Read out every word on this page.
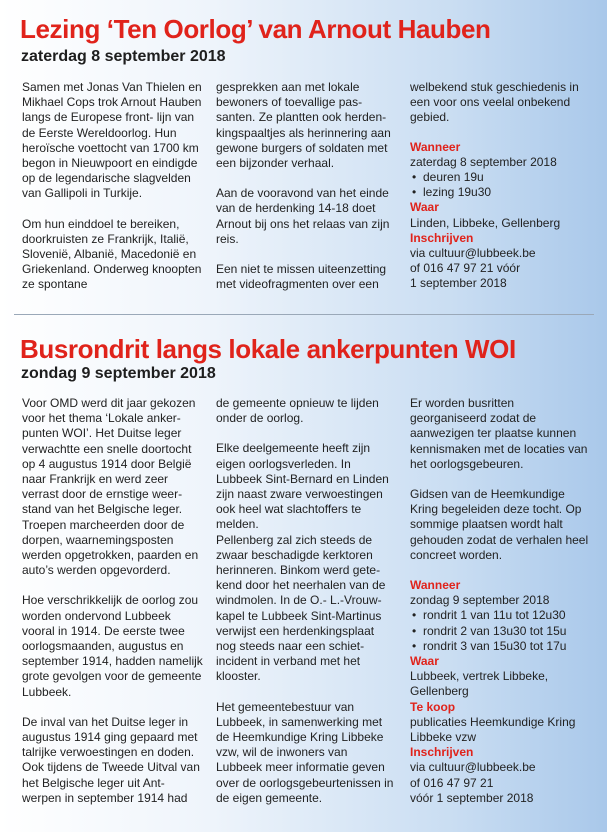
Lezing ‘Ten Oorlog’ van Arnout Hauben
zaterdag 8 september 2018

Samen met Jonas Van Thielen en Mikhael Cops trok Arnout Hauben langs de Europese front- lijn van de Eerste Wereldoorlog. Hun heroïsche voettocht van 1700 km begon in Nieuwpoort en eindigde op de legendarische slagvelden van Gallipoli in Turkije.

Om hun einddoel te bereiken, doorkruisten ze Frankrijk, Italië, Slovenië, Albanië, Macedonië en Griekenland. Onderweg knoopten ze spontane

gesprekken aan met lokale bewoners of toevallige pas- santen. Ze plantten ook herden- kingspaaltjes als herinnering aan gewone burgers of soldaten met een bijzonder verhaal.

Aan de vooravond van het einde van de herdenking 14-18 doet Arnout bij ons het relaas van zijn reis.

Een niet te missen uiteenzetting met videofragmenten over een

welbekend stuk geschiedenis in een voor ons veelal onbekend gebied.

Wanneer
zaterdag 8 september 2018
• deuren 19u
• lezing 19u30
Waar
Linden, Libbeke, Gellenberg
Inschrijven
via cultuur@lubbeek.be
of 016 47 97 21 vóór
1 september 2018
Busrondrit langs lokale ankerpunten WOI
zondag 9 september 2018

Voor OMD werd dit jaar gekozen voor het thema ‘Lokale anker- punten WOI’. Het Duitse leger verwachtte een snelle doortocht op 4 augustus 1914 door België naar Frankrijk en werd zeer verrast door de ernstige weer- stand van het Belgische leger. Troepen marcheerden door de dorpen, waarnemingsposten werden opgetrokken, paarden en auto’s werden opgevorderd.

Hoe verschrikkelijk de oorlog zou worden ondervond Lubbeek vooral in 1914. De eerste twee oorlogsmaanden, augustus en september 1914, hadden namelijk grote gevolgen voor de gemeente Lubbeek.

De inval van het Duitse leger in augustus 1914 ging gepaard met talrijke verwoestingen en doden. Ook tijdens de Tweede Uitval van het Belgische leger uit Ant- werpen in september 1914 had

de gemeente opnieuw te lijden onder de oorlog.

Elke deelgemeente heeft zijn eigen oorlogsverleden. In Lubbeek Sint-Bernard en Linden zijn naast zware verwoestingen ook heel wat slachtoffers te melden.

Pellenberg zal zich steeds de zwaar beschadigde kerktoren herinneren. Binkom werd gete- kend door het neerhalen van de windmolen. In de O.- L.-Vrouw- kapel te Lubbeek Sint-Martinus verwijst een herdenkingsplaat nog steeds naar een schiet- incident in verband met het klooster.

Het gemeentebestuur van Lubbeek, in samenwerking met de Heemkundige Kring Libbeke vzw, wil de inwoners van Lubbeek meer informatie geven over de oorlogsgebeurtenissen in de eigen gemeente.

Er worden busritten georganiseerd zodat de aanwezigen ter plaatse kunnen kennismaken met de locaties van het oorlogsgebeuren.

Gidsen van de Heemkundige Kring begeleiden deze tocht. Op sommige plaatsen wordt halt gehouden zodat de verhalen heel concreet worden.

Wanneer
zondag 9 september 2018
• rondrit 1 van 11u tot 12u30
• rondrit 2 van 13u30 tot 15u
• rondrit 3 van 15u30 tot 17u
Waar
Lubbeek, vertrek Libbeke,
Gellenberg
Te koop
publicaties Heemkundige Kring
Libbeke vzw
Inschrijven
via cultuur@lubbeek.be
of 016 47 97 21
vóór 1 september 2018
